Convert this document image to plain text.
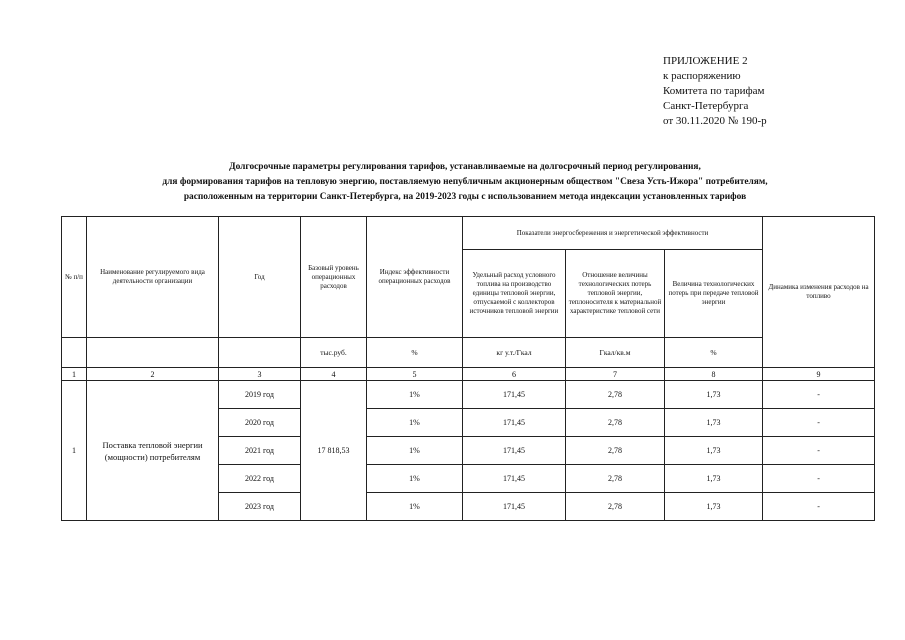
ПРИЛОЖЕНИЕ 2
к распоряжению
Комитета по тарифам
Санкт-Петербурга
от 30.11.2020 № 190-р
Долгосрочные параметры регулирования тарифов, устанавливаемые на долгосрочный период регулирования,
для формирования тарифов на тепловую энергию, поставляемую непубличным акционерным обществом "Свеза Усть-Ижора" потребителям,
расположенным на территории Санкт-Петербурга, на 2019-2023 годы с использованием метода индексации установленных тарифов
№ п/п	Наименование регулируемого вида деятельности организации	Год	Базовый уровень операционных расходов	Индекс эффективности операционных расходов	Показатели энергосбережения и энергетической эффективности			Динамика изменения расходов на топливо
					Удельный расход условного топлива на производство единицы тепловой энергии, отпускаемой с коллекторов источников тепловой энергии	Отношение величины технологических потерь тепловой энергии, теплоносителя к материальной характеристике тепловой сети	Величина технологических потерь при передаче тепловой энергии	
			тыс.руб.	%	кг у.т./Гкал	Гкал/кв.м	%	
1	2	3	4	5	6	7	8	9
1	Поставка тепловой энергии (мощности) потребителям	2019 год	17 818,53	1%	171,45	2,78	1,73	-
		2020 год		1%	171,45	2,78	1,73	-
		2021 год		1%	171,45	2,78	1,73	-
		2022 год		1%	171,45	2,78	1,73	-
		2023 год		1%	171,45	2,78	1,73	-
